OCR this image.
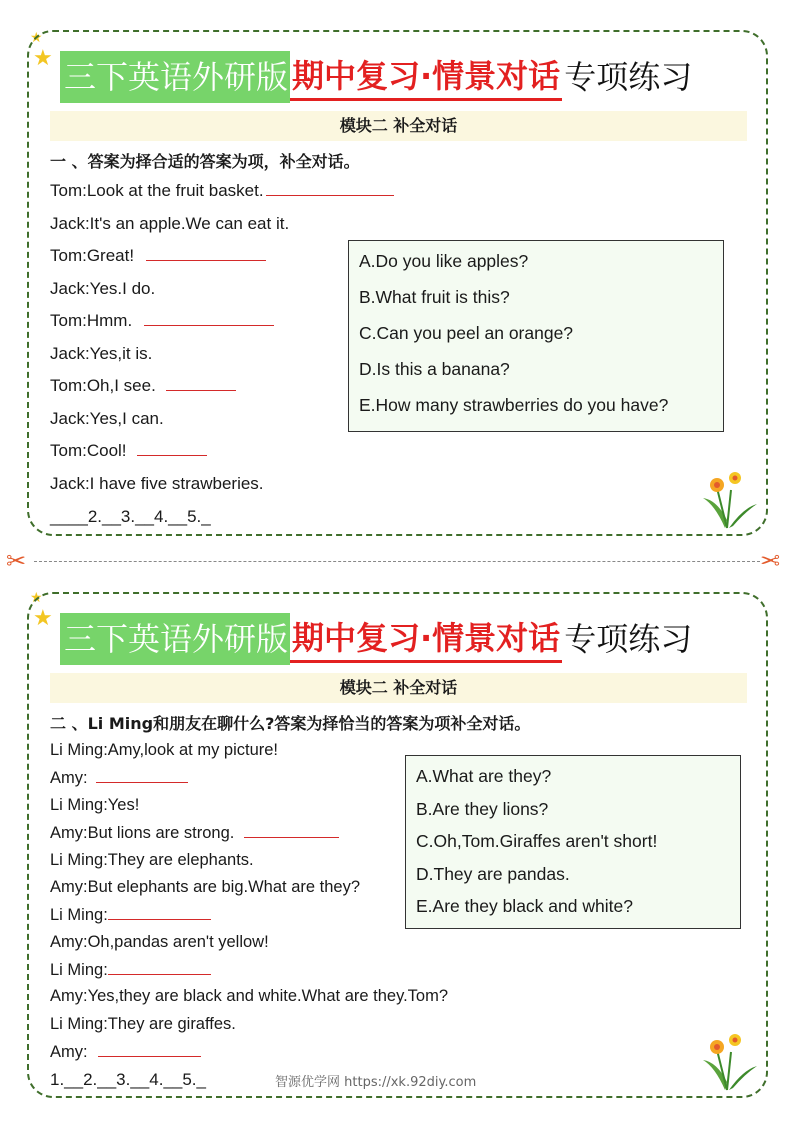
★
★
★
★
三下英语外研版 期中复习·情景对话 专项练习
模块二 补全对话
一 、答案为择合适的答案为项，补全对话。
Tom:Look at the fruit basket.
Jack:It's an apple.We can eat it.
Tom:Great!
Jack:Yes.I do.
Tom:Hmm.
Jack:Yes,it is.
Tom:Oh,I see.
Jack:Yes,I can.
Tom:Cool!
Jack:I have five strawberies.
____2.__3.__4.__5._
A.Do you like apples?
B.What fruit is this?
C.Can you peel an orange?
D.Is this a banana?
E.How many strawberries do you have?
✂	✂
三下英语外研版 期中复习·情景对话 专项练习
模块二 补全对话
二 、Li Ming和朋友在聊什么?答案为择恰当的答案为项补全对话。
Li Ming:Amy,look at my picture!
Amy:
Li Ming:Yes!
Amy:But lions are strong.
Li Ming:They are elephants.
Amy:But elephants are big.What are they?
Li Ming:
Amy:Oh,pandas aren't yellow!
Li Ming:
Amy:Yes,they are black and white.What are they.Tom?
Li Ming:They are giraffes.
Amy:
1.__2.__3.__4.__5._
A.What are they?
B.Are they lions?
C.Oh,Tom.Giraffes aren't short!
D.They are pandas.
E.Are they black and white?
智源优学网 https://xk.92diy.com
